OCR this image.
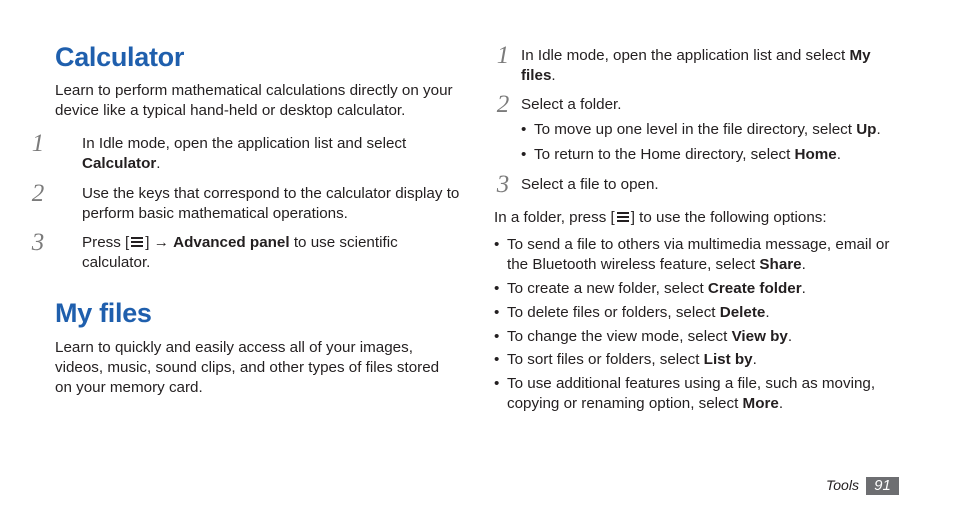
Calculator

Learn to perform mathematical calculations directly on your device like a typical hand-held or desktop calculator.

1	In Idle mode, open the application list and select Calculator.
2	Use the keys that correspond to the calculator display to perform basic mathematical operations.
3	Press [ ] → Advanced panel to use scientific calculator.
My files

Learn to quickly and easily access all of your images, videos, music, sound clips, and other types of files stored on your memory card.

1 In Idle mode, open the application list and select My files.
2 Select a folder.
• To move up one level in the file directory, select Up.
• To return to the Home directory, select Home.
3 Select a file to open.
In a folder, press [ ] to use the following options:
• To send a file to others via multimedia message, email or the Bluetooth wireless feature, select Share.
• To create a new folder, select Create folder.
• To delete files or folders, select Delete.
• To change the view mode, select View by.
• To sort files or folders, select List by.
• To use additional features using a file, such as moving, copying or renaming option, select More.
Tools	91
